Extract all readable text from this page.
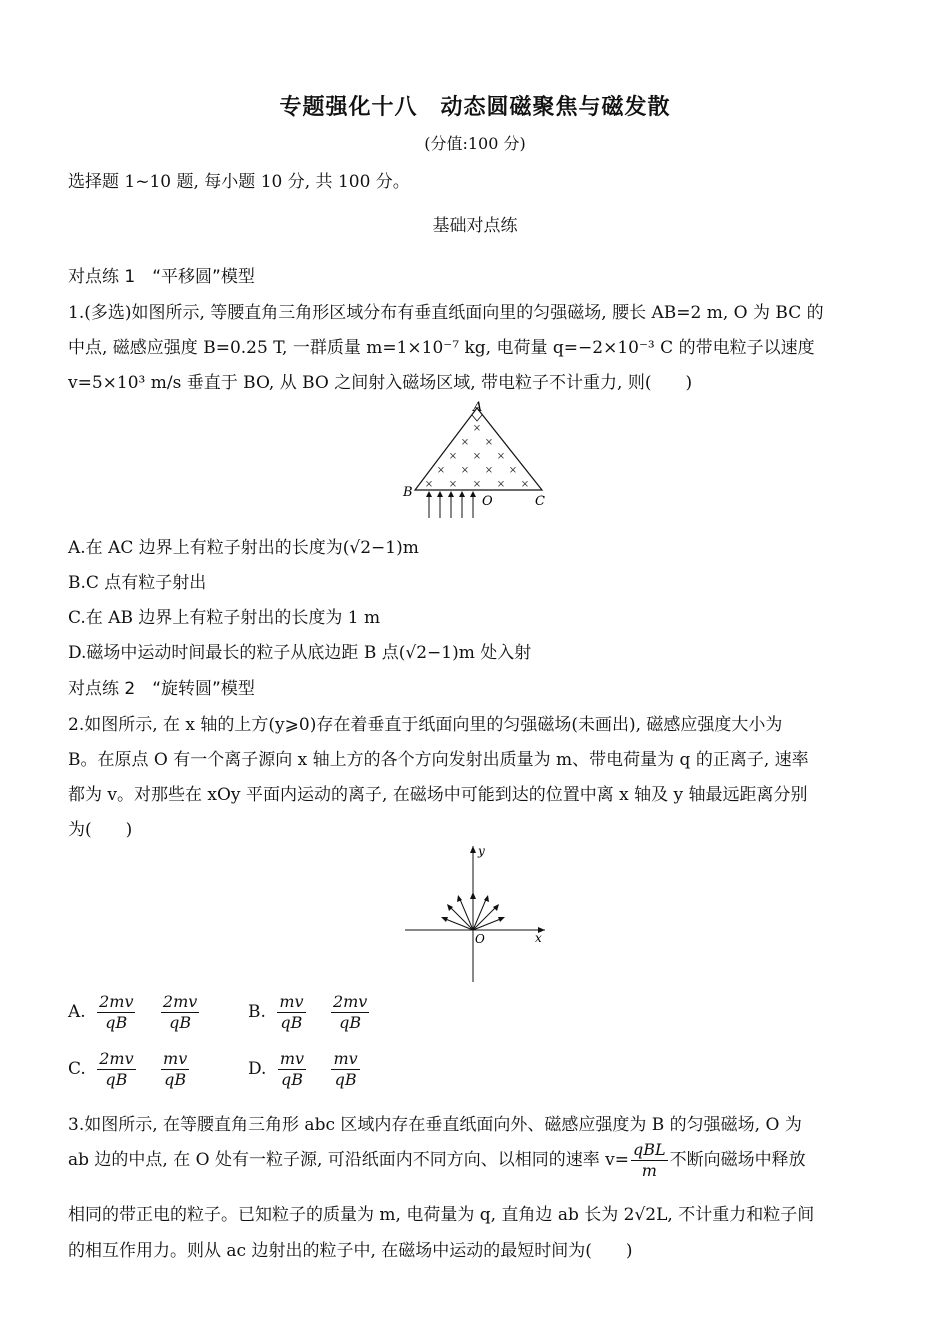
专题强化十八　动态圆磁聚焦与磁发散
(分值:100 分)
选择题 1~10 题, 每小题 10 分, 共 100 分。
基础对点练
对点练 1　“平移圆”模型
1.(多选)如图所示, 等腰直角三角形区域分布有垂直纸面向里的匀强磁场, 腰长 AB=2 m, O 为 BC 的
中点, 磁感应强度 B=0.25 T, 一群质量 m=1×10⁻⁷ kg, 电荷量 q=−2×10⁻³ C 的带电粒子以速度
v=5×10³ m/s 垂直于 BO, 从 BO 之间射入磁场区域, 带电粒子不计重力, 则(　　)
×
× ×
× × ×
× × × ×
× × × × ×
A
B
C
O
A.在 AC 边界上有粒子射出的长度为(√2−1)m
B.C 点有粒子射出
C.在 AB 边界上有粒子射出的长度为 1 m
D.磁场中运动时间最长的粒子从底边距 B 点(√2−1)m 处入射
对点练 2　“旋转圆”模型
2.如图所示, 在 x 轴的上方(y⩾0)存在着垂直于纸面向里的匀强磁场(未画出), 磁感应强度大小为
B。在原点 O 有一个离子源向 x 轴上方的各个方向发射出质量为 m、带电荷量为 q 的正离子, 速率
都为 v。对那些在 xOy 平面内运动的离子, 在磁场中可能到达的位置中离 x 轴及 y 轴最远距离分别
为(　　)
y
x
O
A. $\frac{2mv}{qB}$
$\frac{2mv}{qB}$	B. $\frac{mv}{qB}$
$\frac{2mv}{qB}$
C. $\frac{2mv}{qB}$
$\frac{mv}{qB}$	D. $\frac{mv}{qB}$
$\frac{mv}{qB}$
3.如图所示, 在等腰直角三角形 abc 区域内存在垂直纸面向外、磁感应强度为 B 的匀强磁场, O 为
ab 边的中点, 在 O 处有一粒子源, 可沿纸面内不同方向、以相同的速率 $v= \frac{\text{qBL}}{m}$ 不断向磁场中释放
相同的带正电的粒子。已知粒子的质量为 m, 电荷量为 q, 直角边 ab 长为 2√2L, 不计重力和粒子间
的相互作用力。则从 ac 边射出的粒子中, 在磁场中运动的最短时间为(　　)
